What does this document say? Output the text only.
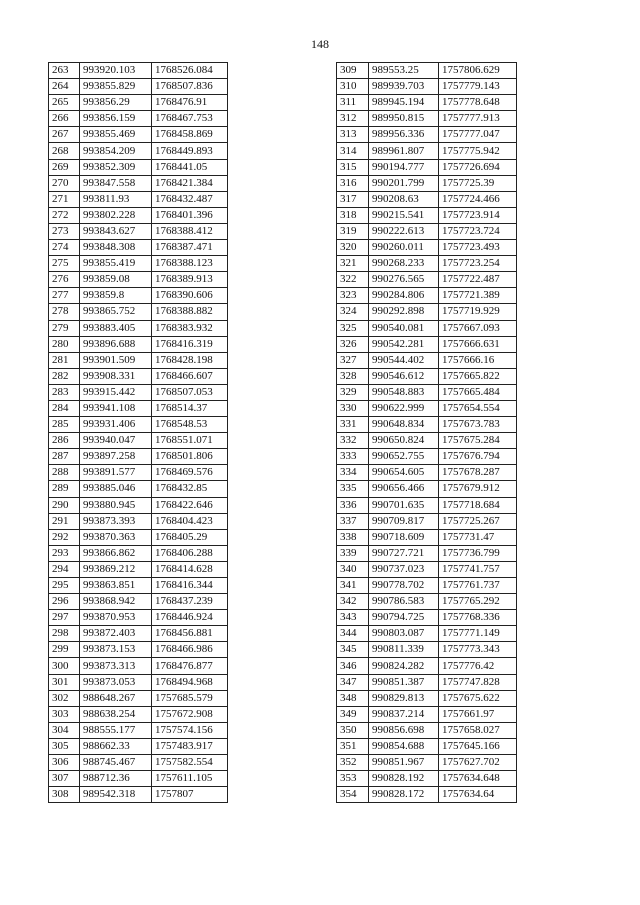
148
263	993920.103	1768526.084
264	993855.829	1768507.836
265	993856.29	1768476.91
266	993856.159	1768467.753
267	993855.469	1768458.869
268	993854.209	1768449.893
269	993852.309	1768441.05
270	993847.558	1768421.384
271	993811.93	1768432.487
272	993802.228	1768401.396
273	993843.627	1768388.412
274	993848.308	1768387.471
275	993855.419	1768388.123
276	993859.08	1768389.913
277	993859.8	1768390.606
278	993865.752	1768388.882
279	993883.405	1768383.932
280	993896.688	1768416.319
281	993901.509	1768428.198
282	993908.331	1768466.607
283	993915.442	1768507.053
284	993941.108	1768514.37
285	993931.406	1768548.53
286	993940.047	1768551.071
287	993897.258	1768501.806
288	993891.577	1768469.576
289	993885.046	1768432.85
290	993880.945	1768422.646
291	993873.393	1768404.423
292	993870.363	1768405.29
293	993866.862	1768406.288
294	993869.212	1768414.628
295	993863.851	1768416.344
296	993868.942	1768437.239
297	993870.953	1768446.924
298	993872.403	1768456.881
299	993873.153	1768466.986
300	993873.313	1768476.877
301	993873.053	1768494.968
302	988648.267	1757685.579
303	988638.254	1757672.908
304	988555.177	1757574.156
305	988662.33	1757483.917
306	988745.467	1757582.554
307	988712.36	1757611.105
308	989542.318	1757807
309	989553.25	1757806.629
310	989939.703	1757779.143
311	989945.194	1757778.648
312	989950.815	1757777.913
313	989956.336	1757777.047
314	989961.807	1757775.942
315	990194.777	1757726.694
316	990201.799	1757725.39
317	990208.63	1757724.466
318	990215.541	1757723.914
319	990222.613	1757723.724
320	990260.011	1757723.493
321	990268.233	1757723.254
322	990276.565	1757722.487
323	990284.806	1757721.389
324	990292.898	1757719.929
325	990540.081	1757667.093
326	990542.281	1757666.631
327	990544.402	1757666.16
328	990546.612	1757665.822
329	990548.883	1757665.484
330	990622.999	1757654.554
331	990648.834	1757673.783
332	990650.824	1757675.284
333	990652.755	1757676.794
334	990654.605	1757678.287
335	990656.466	1757679.912
336	990701.635	1757718.684
337	990709.817	1757725.267
338	990718.609	1757731.47
339	990727.721	1757736.799
340	990737.023	1757741.757
341	990778.702	1757761.737
342	990786.583	1757765.292
343	990794.725	1757768.336
344	990803.087	1757771.149
345	990811.339	1757773.343
346	990824.282	1757776.42
347	990851.387	1757747.828
348	990829.813	1757675.622
349	990837.214	1757661.97
350	990856.698	1757658.027
351	990854.688	1757645.166
352	990851.967	1757627.702
353	990828.192	1757634.648
354	990828.172	1757634.64
